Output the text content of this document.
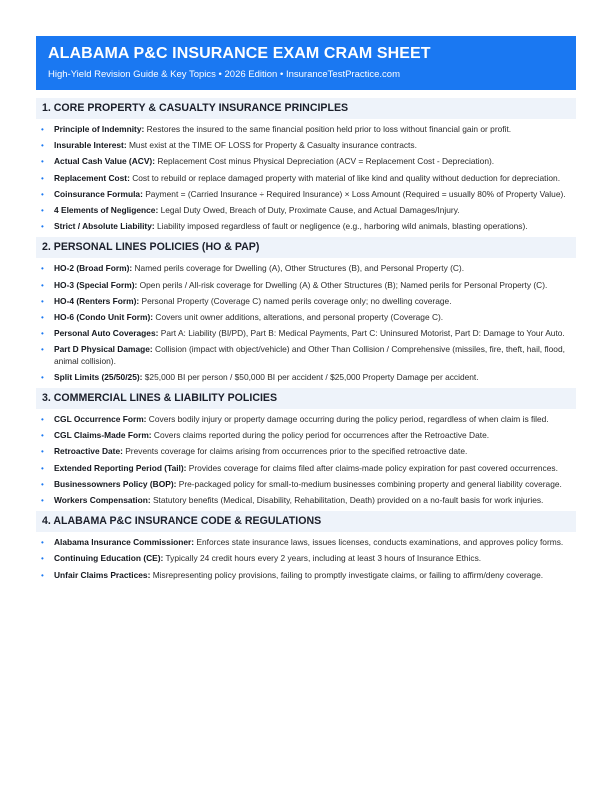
ALABAMA P&C INSURANCE EXAM CRAM SHEET
High-Yield Revision Guide & Key Topics • 2026 Edition • InsuranceTestPractice.com
1. CORE PROPERTY & CASUALTY INSURANCE PRINCIPLES
• Principle of Indemnity: Restores the insured to the same financial position held prior to loss without financial gain or profit.
• Insurable Interest: Must exist at the TIME OF LOSS for Property & Casualty insurance contracts.
• Actual Cash Value (ACV): Replacement Cost minus Physical Depreciation (ACV = Replacement Cost - Depreciation).
• Replacement Cost: Cost to rebuild or replace damaged property with material of like kind and quality without deduction for depreciation.
• Coinsurance Formula: Payment = (Carried Insurance ÷ Required Insurance) × Loss Amount (Required = usually 80% of Property Value).
• 4 Elements of Negligence: Legal Duty Owed, Breach of Duty, Proximate Cause, and Actual Damages/Injury.
• Strict / Absolute Liability: Liability imposed regardless of fault or negligence (e.g., harboring wild animals, blasting operations).
2. PERSONAL LINES POLICIES (HO & PAP)
• HO-2 (Broad Form): Named perils coverage for Dwelling (A), Other Structures (B), and Personal Property (C).
• HO-3 (Special Form): Open perils / All-risk coverage for Dwelling (A) & Other Structures (B); Named perils for Personal Property (C).
• HO-4 (Renters Form): Personal Property (Coverage C) named perils coverage only; no dwelling coverage.
• HO-6 (Condo Unit Form): Covers unit owner additions, alterations, and personal property (Coverage C).
• Personal Auto Coverages: Part A: Liability (BI/PD), Part B: Medical Payments, Part C: Uninsured Motorist, Part D: Damage to Your Auto.
• Part D Physical Damage: Collision (impact with object/vehicle) and Other Than Collision / Comprehensive (missiles, fire, theft, hail, flood, animal collision).
• Split Limits (25/50/25): $25,000 BI per person / $50,000 BI per accident / $25,000 Property Damage per accident.
3. COMMERCIAL LINES & LIABILITY POLICIES
• CGL Occurrence Form: Covers bodily injury or property damage occurring during the policy period, regardless of when claim is filed.
• CGL Claims-Made Form: Covers claims reported during the policy period for occurrences after the Retroactive Date.
• Retroactive Date: Prevents coverage for claims arising from occurrences prior to the specified retroactive date.
• Extended Reporting Period (Tail): Provides coverage for claims filed after claims-made policy expiration for past covered occurrences.
• Businessowners Policy (BOP): Pre-packaged policy for small-to-medium businesses combining property and general liability coverage.
• Workers Compensation: Statutory benefits (Medical, Disability, Rehabilitation, Death) provided on a no-fault basis for work injuries.
4. ALABAMA P&C INSURANCE CODE & REGULATIONS
• Alabama Insurance Commissioner: Enforces state insurance laws, issues licenses, conducts examinations, and approves policy forms.
• Continuing Education (CE): Typically 24 credit hours every 2 years, including at least 3 hours of Insurance Ethics.
• Unfair Claims Practices: Misrepresenting policy provisions, failing to promptly investigate claims, or failing to affirm/deny coverage.
